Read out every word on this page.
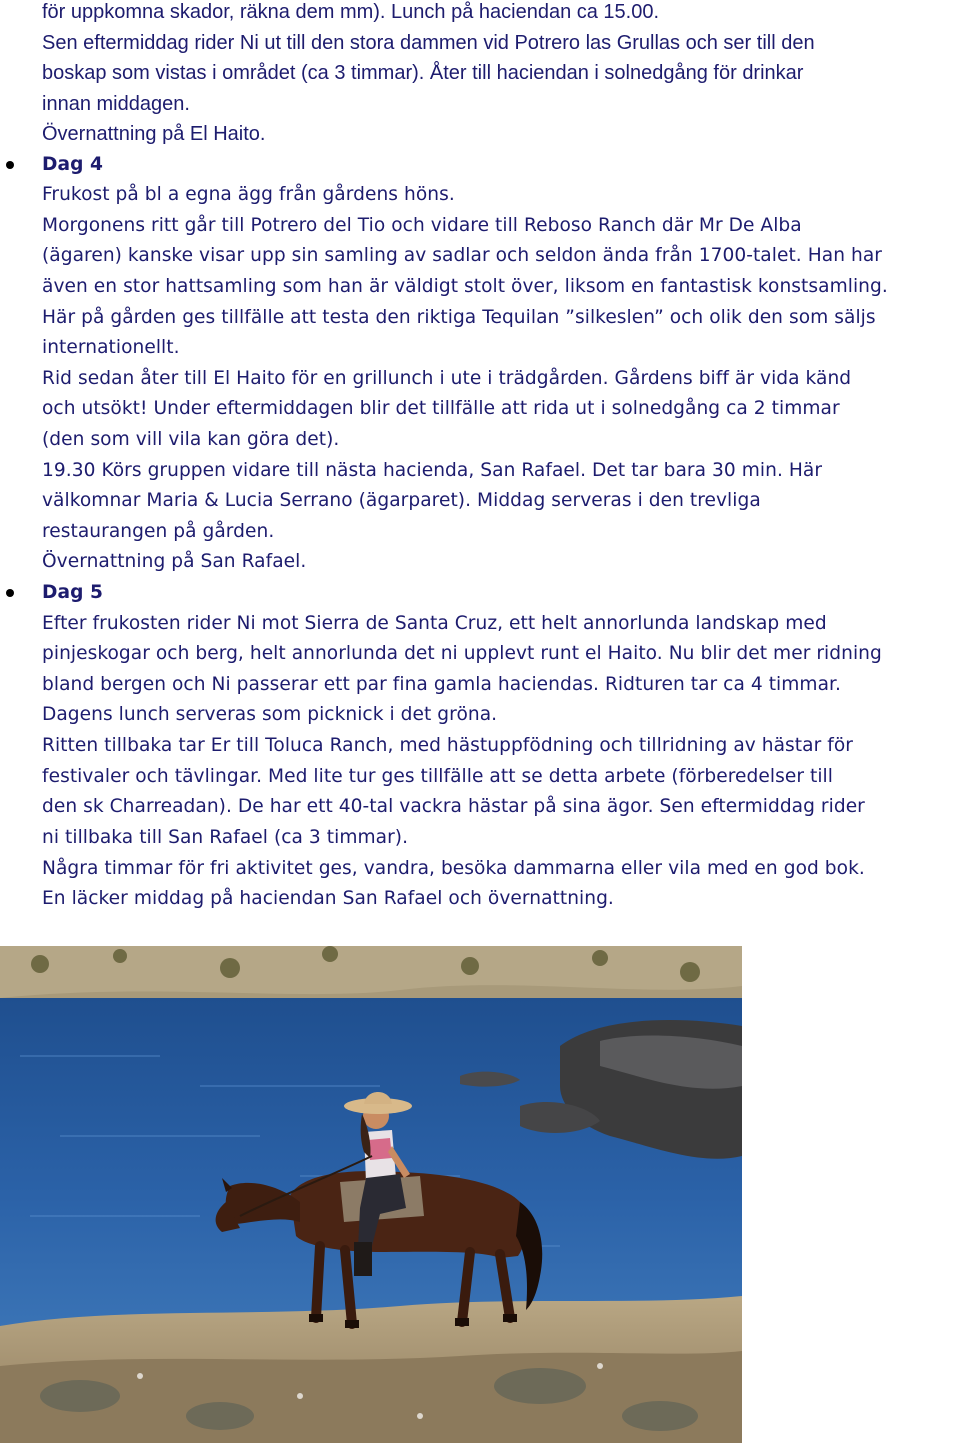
för uppkomna skador, räkna dem mm). Lunch på haciendan ca 15.00.
Sen eftermiddag rider Ni ut till den stora dammen vid Potrero las Grullas och ser till den
boskap som vistas i området (ca 3 timmar). Åter till haciendan i solnedgång för drinkar
innan middagen.
Övernattning på El Haito.
Dag 4
Frukost på bl a egna ägg från gårdens höns.
Morgonens ritt går till Potrero del Tio och vidare till Reboso Ranch där Mr De Alba
(ägaren) kanske visar upp sin samling av sadlar och seldon ända från 1700-talet. Han har
även en stor hattsamling som han är väldigt stolt över, liksom en fantastisk konstsamling.
Här på gården ges tillfälle att testa den riktiga Tequilan ”silkeslen” och olik den som säljs
internationellt.
Rid sedan åter till El Haito för en grillunch i ute i trädgården. Gårdens biff är vida känd
och utsökt! Under eftermiddagen blir det tillfälle att rida ut i solnedgång ca 2 timmar
(den som vill vila kan göra det).
19.30 Körs gruppen vidare till nästa hacienda, San Rafael. Det tar bara 30 min. Här
välkomnar Maria & Lucia Serrano (ägarparet). Middag serveras i den trevliga
restaurangen på gården.
Övernattning på San Rafael.
Dag 5
Efter frukosten rider Ni mot Sierra de Santa Cruz, ett helt annorlunda landskap med
pinjeskogar och berg, helt annorlunda det ni upplevt runt el Haito. Nu blir det mer ridning
bland bergen och Ni passerar ett par fina gamla haciendas. Ridturen tar ca 4 timmar.
Dagens lunch serveras som picknick i det gröna.
Ritten tillbaka tar Er till Toluca Ranch, med hästuppfödning och tillridning av hästar för
festivaler och tävlingar. Med lite tur ges tillfälle att se detta arbete (förberedelser till
den sk Charreadan). De har ett 40-tal vackra hästar på sina ägor. Sen eftermiddag rider
ni tillbaka till San Rafael (ca 3 timmar).
Några timmar för fri aktivitet ges, vandra, besöka dammarna eller vila med en god bok.
En läcker middag på haciendan San Rafael och övernattning.
